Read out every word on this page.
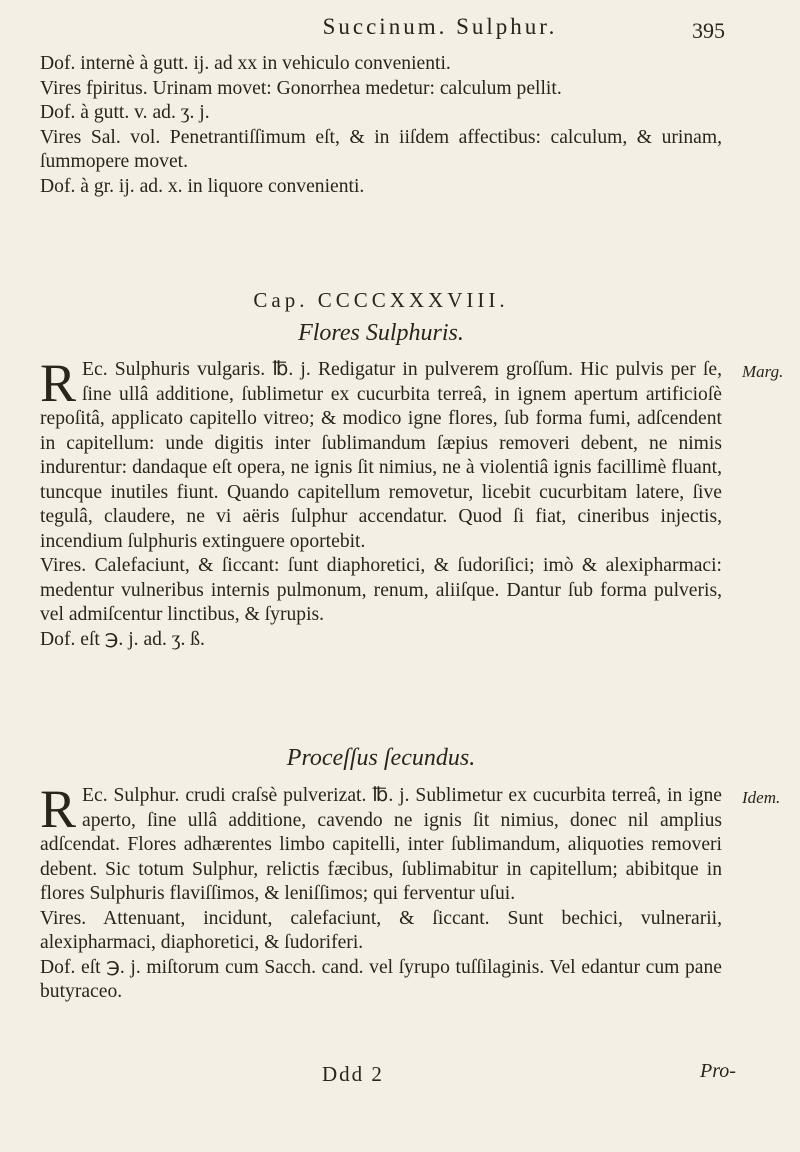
Succinum. Sulphur.	395

Dof. internè à gutt. ij. ad xx in vehiculo convenienti.

Vires fpiritus. Urinam movet: Gonorrhea medetur: calculum pellit.

Dof. à gutt. v. ad. ʒ. j.

Vires Sal. vol. Penetrantiſſimum eſt, & in iiſdem affectibus: calculum, & urinam, ſummopere movet.

Dof. à gr. ij. ad. x. in liquore convenienti.

Cap. CCCCXXXVIII.
Flores Sulphuris.
Marg.

R Ec. Sulphuris vulgaris. ℔. j. Redigatur in pulverem groſſum. Hic pulvis per ſe, ſine ullâ additione, ſublimetur ex cucurbita terreâ, in ignem apertum artificioſè repoſitâ, applicato capitello vitreo; & modico igne flores, ſub forma fumi, adſcendent in capitellum: unde digitis inter ſublimandum ſæpius removeri debent, ne nimis indurentur: dandaque eſt opera, ne ignis ſit nimius, ne à violentiâ ignis facillimè fluant, tuncque inutiles fiunt. Quando capitellum removetur, licebit cucurbitam latere, ſive tegulâ, claudere, ne vi aëris ſulphur accendatur. Quod ſi fiat, cineribus injectis, incendium ſulphuris extinguere oportebit.

Vires. Calefaciunt, & ſiccant: ſunt diaphoretici, & ſudoriſici; imò & alexipharmaci: medentur vulneribus internis pulmonum, renum, aliiſque. Dantur ſub forma pulveris, vel admiſcentur linctibus, & ſyrupis.

Dof. eſt ℈. j. ad. ʒ. ß.

Proceſſus ſecundus.
Idem.

R Ec. Sulphur. crudi craſsè pulverizat. ℔. j. Sublimetur ex cucurbita terreâ, in igne aperto, ſine ullâ additione, cavendo ne ignis ſit nimius, donec nil amplius adſcendat. Flores adhærentes limbo capitelli, inter ſublimandum, aliquoties removeri debent. Sic totum Sulphur, relictis fæcibus, ſublimabitur in capitellum; abibitque in flores Sulphuris flaviſſimos, & leniſſimos; qui ferventur uſui.

Vires. Attenuant, incidunt, calefaciunt, & ſiccant. Sunt bechici, vulnerarii, alexipharmaci, diaphoretici, & ſudoriferi.

Dof. eſt ℈. j. miſtorum cum Sacch. cand. vel ſyrupo tuſſilaginis. Vel edantur cum pane butyraceo.

Ddd 2	Pro-
